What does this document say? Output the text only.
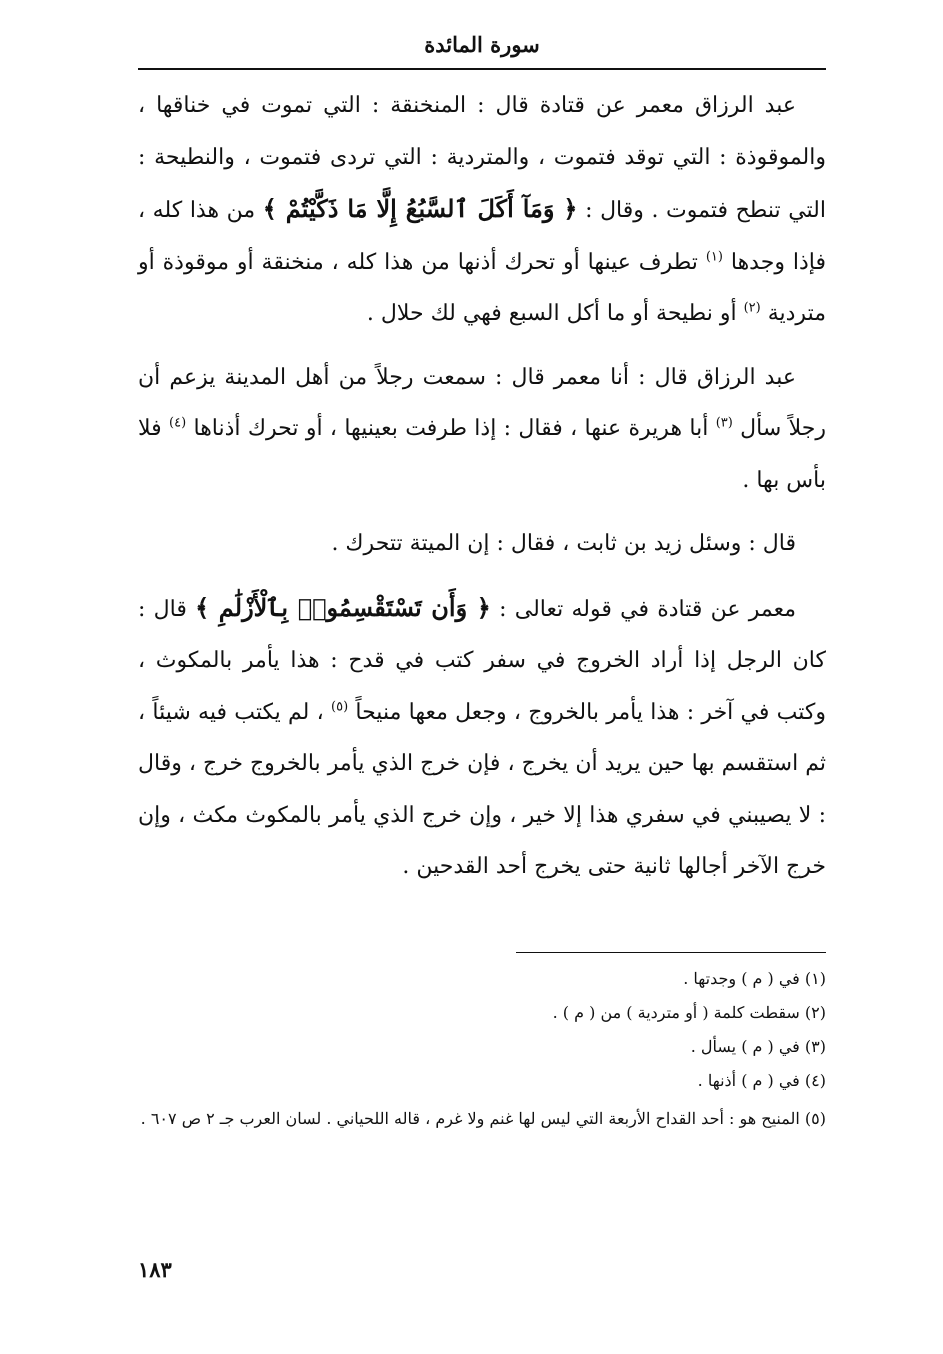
سورة المائدة

عبد الرزاق معمر عن قتادة قال : المنخنقة : التي تموت في خناقها ، والموقوذة : التي توقد فتموت ، والمتردية : التي تردى فتموت ، والنطيحة : التي تنطح فتموت . وقال : ﴿ وَمَآ أَكَلَ ٱلسَّبُعُ إِلَّا مَا ذَكَّيْتُمْ ﴾ من هذا كله ، فإذا وجدها $^{(١)}$ تطرف عينها أو تحرك أذنها من هذا كله ، منخنقة أو موقوذة أو متردية $^{(٢)}$ أو نطيحة أو ما أكل السبع فهي لك حلال .

عبد الرزاق قال : أنا معمر قال : سمعت رجلاً من أهل المدينة يزعم أن رجلاً سأل $^{(٣)}$ أبا هريرة عنها ، فقال : إذا طرفت بعينيها ، أو تحرك أذناها $^{(٤)}$ فلا بأس بها .

قال : وسئل زيد بن ثابت ، فقال : إن الميتة تتحرك .

معمر عن قتادة في قوله تعالى : ﴿ وَأَن تَسْتَقْسِمُوا۟ بِٱلْأَزْلَٰمِ ﴾ قال : كان الرجل إذا أراد الخروج في سفر كتب في قدح : هذا يأمر بالمكوث ، وكتب في آخر : هذا يأمر بالخروج ، وجعل معها منيحاً $^{(٥)}$ ، لم يكتب فيه شيئاً ، ثم استقسم بها حين يريد أن يخرج ، فإن خرج الذي يأمر بالخروج خرج ، وقال : لا يصيبني في سفري هذا إلا خير ، وإن خرج الذي يأمر بالمكوث مكث ، وإن خرج الآخر أجالها ثانية حتى يخرج أحد القدحين .

(١) في ( م ) وجدتها .
(٢) سقطت كلمة ( أو متردية ) من ( م ) .
(٣) في ( م ) يسأل .
(٤) في ( م ) أذنها .
(٥) المنيح هو : أحد القداح الأربعة التي ليس لها غنم ولا غرم ، قاله اللحياني . لسان العرب جـ ٢ ص ٦٠٧ .
١٨٣
